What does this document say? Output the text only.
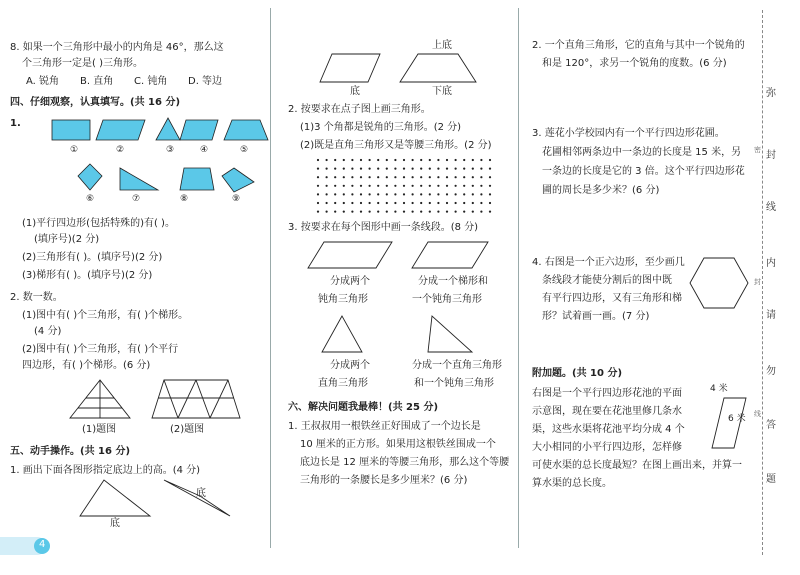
8. 如果一个三角形中最小的内角是 46°，那么这
个三角形一定是( )三角形。
A. 锐角 B. 直角 C. 钝角 D. 等边
四、仔细观察，认真填写。(共 16 分)
1.
①	②	③	④	⑤
⑥	⑦	⑧	⑨
(1)平行四边形(包括特殊的)有( )。
(填序号)(2 分)
(2)三角形有( )。(填序号)(2 分)
(3)梯形有( )。(填序号)(2 分)
2. 数一数。
(1)图中有( )个三角形，有( )个梯形。
(4 分)
(2)图中有( )个三角形，有( )个平行
四边形，有( )个梯形。(6 分)
(1)题图	(2)题图
五、动手操作。(共 16 分)
1. 画出下面各图形指定底边上的高。(4 分)
底
底
4
上底
底	下底
2. 按要求在点子图上画三角形。
(1)3 个角都是锐角的三角形。(2 分)
(2)既是直角三角形又是等腰三角形。(2 分)
3. 按要求在每个图形中画一条线段。(8 分)
分成两个
钝角三角形
分成一个梯形和
一个钝角三角形
分成两个
直角三角形
分成一个直角三角形
和一个钝角三角形
六、解决问题我最棒！(共 25 分)
1. 王叔叔用一根铁丝正好围成了一个边长是
10 厘米的正方形。如果用这根铁丝围成一个
底边长是 12 厘米的等腰三角形，那么这个等腰
三角形的一条腰长是多少厘米？(6 分)
2. 一个直角三角形，它的直角与其中一个锐角的
和是 120°，求另一个锐角的度数。(6 分)
3. 莲花小学校园内有一个平行四边形花圃。
花圃相邻两条边中一条边的长度是 15 米，另
一条边的长度是它的 3 倍。这个平行四边形花
圃的周长是多少米？(6 分)
4. 右图是一个正六边形，至少画几
条线段才能使分割后的图中既
有平行四边形，又有三角形和梯
形？试着画一画。(7 分)
附加题。(共 10 分)
右图是一个平行四边形花池的平面
示意图，现在要在花池里修几条水
渠，这些水渠将花池平均分成 4 个
大小相同的小平行四边形，怎样修
可使水渠的总长度最短？在图上画出来，并算一
算水渠的总长度。
4 米
6 米
弥
封
线
内
请
勿
答
题
密
封
线
